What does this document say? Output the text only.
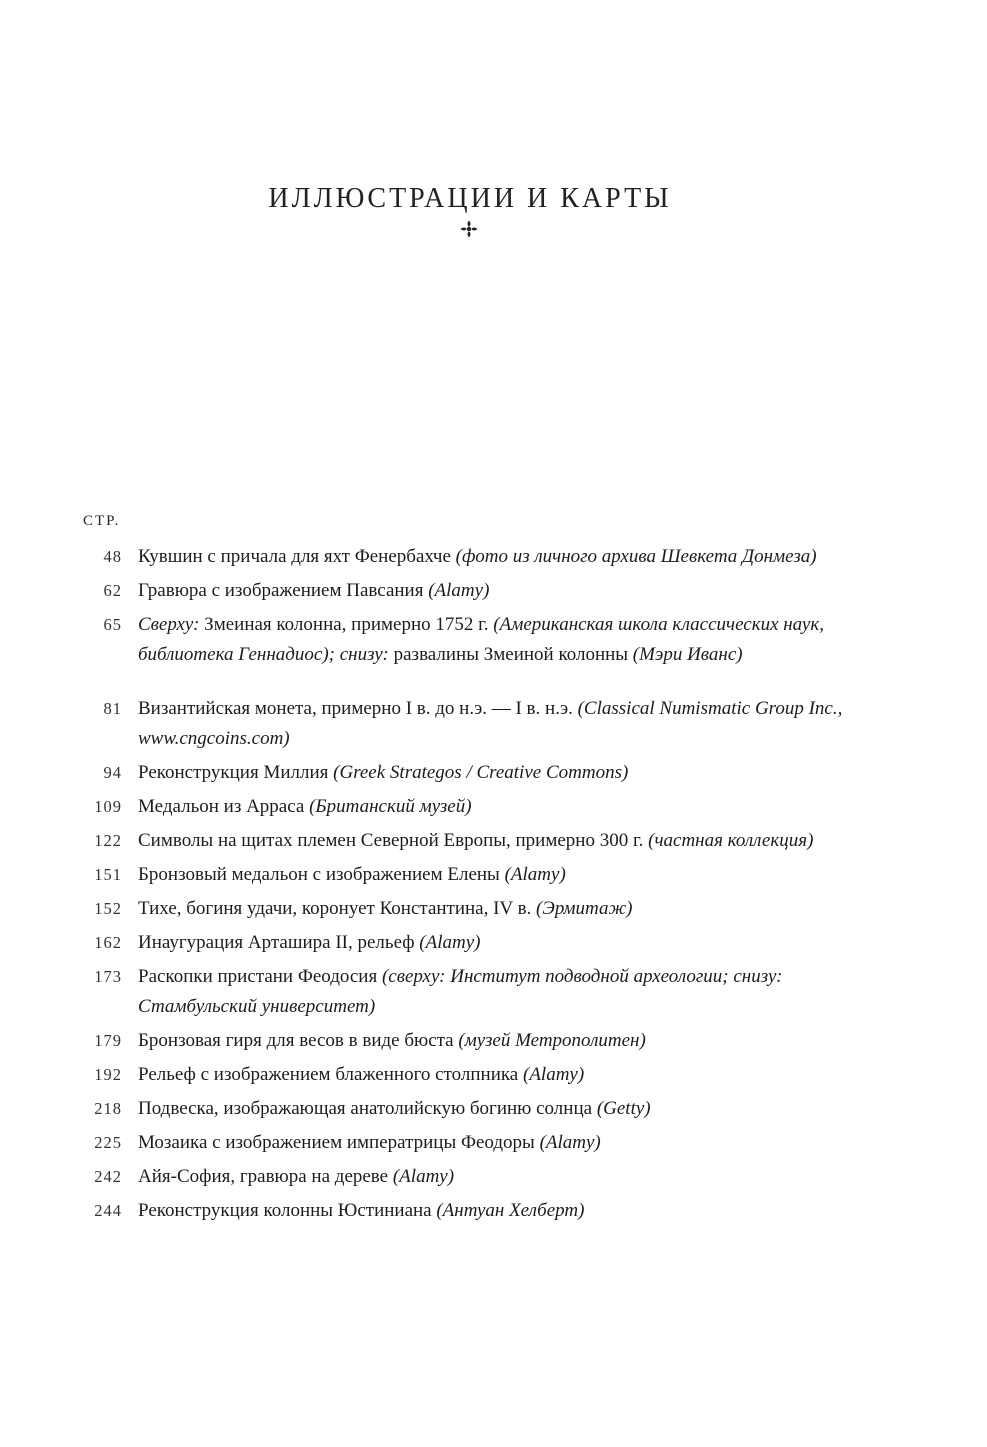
ИЛЛЮСТРАЦИИ И КАРТЫ
СТР.
48 Кувшин с причала для яхт Фенербахче (фото из личного архива Шевкета Донмеза)
62 Гравюра с изображением Павсания (Alamy)
65 Сверху: Змеиная колонна, примерно 1752 г. (Американская школа классических наук, библиотека Геннадиос); снизу: развалины Змеиной колонны (Мэри Иванс)
81 Византийская монета, примерно I в. до н.э. — I в. н.э. (Classical Numismatic Group Inc., www.cngcoins.com)
94 Реконструкция Миллия (Greek Strategos / Creative Commons)
109 Медальон из Арраса (Британский музей)
122 Символы на щитах племен Северной Европы, примерно 300 г. (частная коллекция)
151 Бронзовый медальон с изображением Елены (Alamy)
152 Тихе, богиня удачи, коронует Константина, IV в. (Эрмитаж)
162 Инаугурация Арташира II, рельеф (Alamy)
173 Раскопки пристани Феодосия (сверху: Институт подводной археологии; снизу: Стамбульский университет)
179 Бронзовая гиря для весов в виде бюста (музей Метрополитен)
192 Рельеф с изображением блаженного столпника (Alamy)
218 Подвеска, изображающая анатолийскую богиню солнца (Getty)
225 Мозаика с изображением императрицы Феодоры (Alamy)
242 Айя-София, гравюра на дереве (Alamy)
244 Реконструкция колонны Юстиниана (Антуан Хелберт)
